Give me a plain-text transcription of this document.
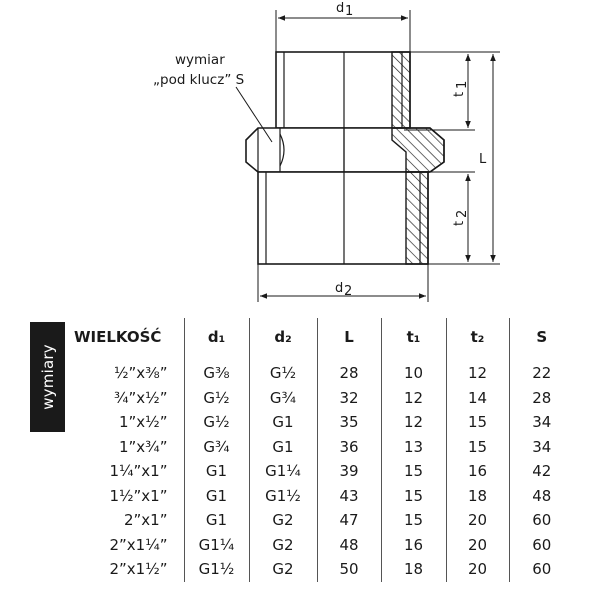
d 1
d 2
t
1
t
2
L
wymiar
„pod klucz” S
wymiary
WIELKOŚĆ	d₁	d₂	L	t₁	t₂	S
½”x⅜”	G⅜	G½	28	10	12	22
¾”x½”	G½	G¾	32	12	14	28
1”x½”	G½	G1	35	12	15	34
1”x¾”	G¾	G1	36	13	15	34
1¼”x1”	G1	G1¼	39	15	16	42
1½”x1”	G1	G1½	43	15	18	48
2”x1”	G1	G2	47	15	20	60
2”x1¼”	G1¼	G2	48	16	20	60
2”x1½”	G1½	G2	50	18	20	60
